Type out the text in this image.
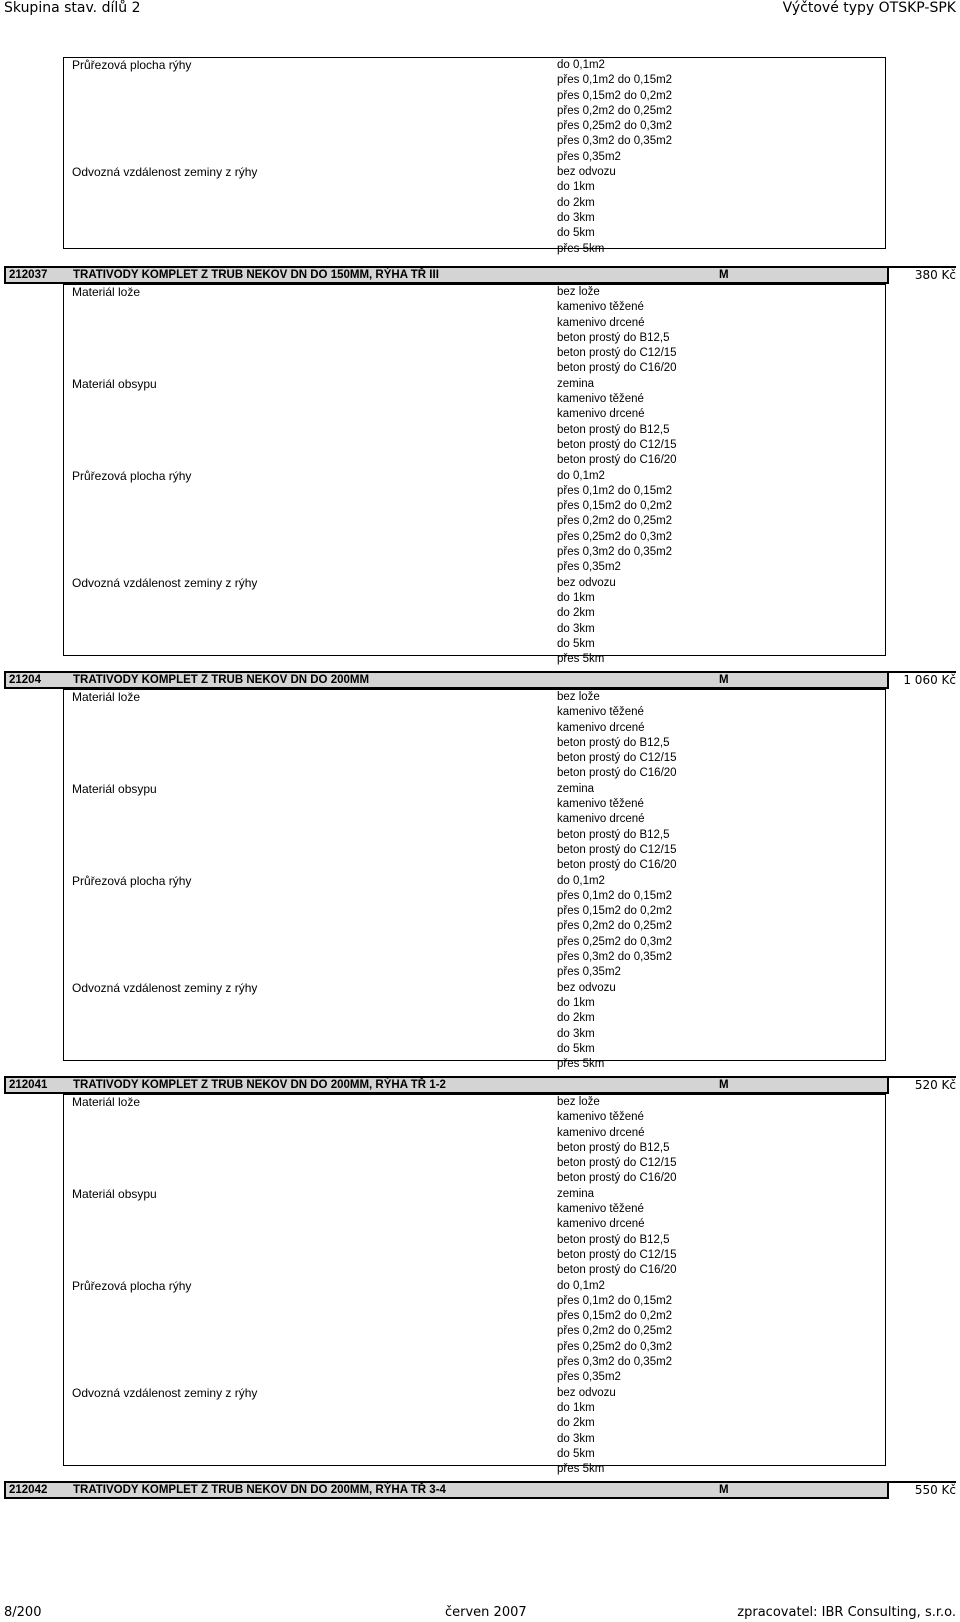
Skupina stav. dílů 2	Výčtové typy OTSKP-SPK
Průřezová plocha rýhy	do 0,1m2
přes 0,1m2 do 0,15m2
přes 0,15m2 do 0,2m2
přes 0,2m2 do 0,25m2
přes 0,25m2 do 0,3m2
přes 0,3m2 do 0,35m2
přes 0,35m2
Odvozná vzdálenost zeminy z rýhy	bez odvozu
do 1km
do 2km
do 3km
do 5km
přes 5km
212037 TRATIVODY KOMPLET Z TRUB NEKOV DN DO 150MM, RÝHA TŘ III	M	380 Kč
Materiál lože	bez lože
kamenivo těžené
kamenivo drcené
beton prostý do B12,5
beton prostý do C12/15
beton prostý do C16/20
Materiál obsypu	zemina
kamenivo těžené
kamenivo drcené
beton prostý do B12,5
beton prostý do C12/15
beton prostý do C16/20
Průřezová plocha rýhy	do 0,1m2
přes 0,1m2 do 0,15m2
přes 0,15m2 do 0,2m2
přes 0,2m2 do 0,25m2
přes 0,25m2 do 0,3m2
přes 0,3m2 do 0,35m2
přes 0,35m2
Odvozná vzdálenost zeminy z rýhy	bez odvozu
do 1km
do 2km
do 3km
do 5km
přes 5km
21204	TRATIVODY KOMPLET Z TRUB NEKOV DN DO 200MM	M	1 060 Kč
Materiál lože	bez lože
kamenivo těžené
kamenivo drcené
beton prostý do B12,5
beton prostý do C12/15
beton prostý do C16/20
Materiál obsypu	zemina
kamenivo těžené
kamenivo drcené
beton prostý do B12,5
beton prostý do C12/15
beton prostý do C16/20
Průřezová plocha rýhy	do 0,1m2
přes 0,1m2 do 0,15m2
přes 0,15m2 do 0,2m2
přes 0,2m2 do 0,25m2
přes 0,25m2 do 0,3m2
přes 0,3m2 do 0,35m2
přes 0,35m2
Odvozná vzdálenost zeminy z rýhy	bez odvozu
do 1km
do 2km
do 3km
do 5km
přes 5km
212041 TRATIVODY KOMPLET Z TRUB NEKOV DN DO 200MM, RÝHA TŘ 1-2	M	520 Kč
Materiál lože	bez lože
kamenivo těžené
kamenivo drcené
beton prostý do B12,5
beton prostý do C12/15
beton prostý do C16/20
Materiál obsypu	zemina
kamenivo těžené
kamenivo drcené
beton prostý do B12,5
beton prostý do C12/15
beton prostý do C16/20
Průřezová plocha rýhy	do 0,1m2
přes 0,1m2 do 0,15m2
přes 0,15m2 do 0,2m2
přes 0,2m2 do 0,25m2
přes 0,25m2 do 0,3m2
přes 0,3m2 do 0,35m2
přes 0,35m2
Odvozná vzdálenost zeminy z rýhy	bez odvozu
do 1km
do 2km
do 3km
do 5km
přes 5km
212042 TRATIVODY KOMPLET Z TRUB NEKOV DN DO 200MM, RÝHA TŘ 3-4	M	550 Kč
8/200	červen 2007	zpracovatel: IBR Consulting, s.r.o.
